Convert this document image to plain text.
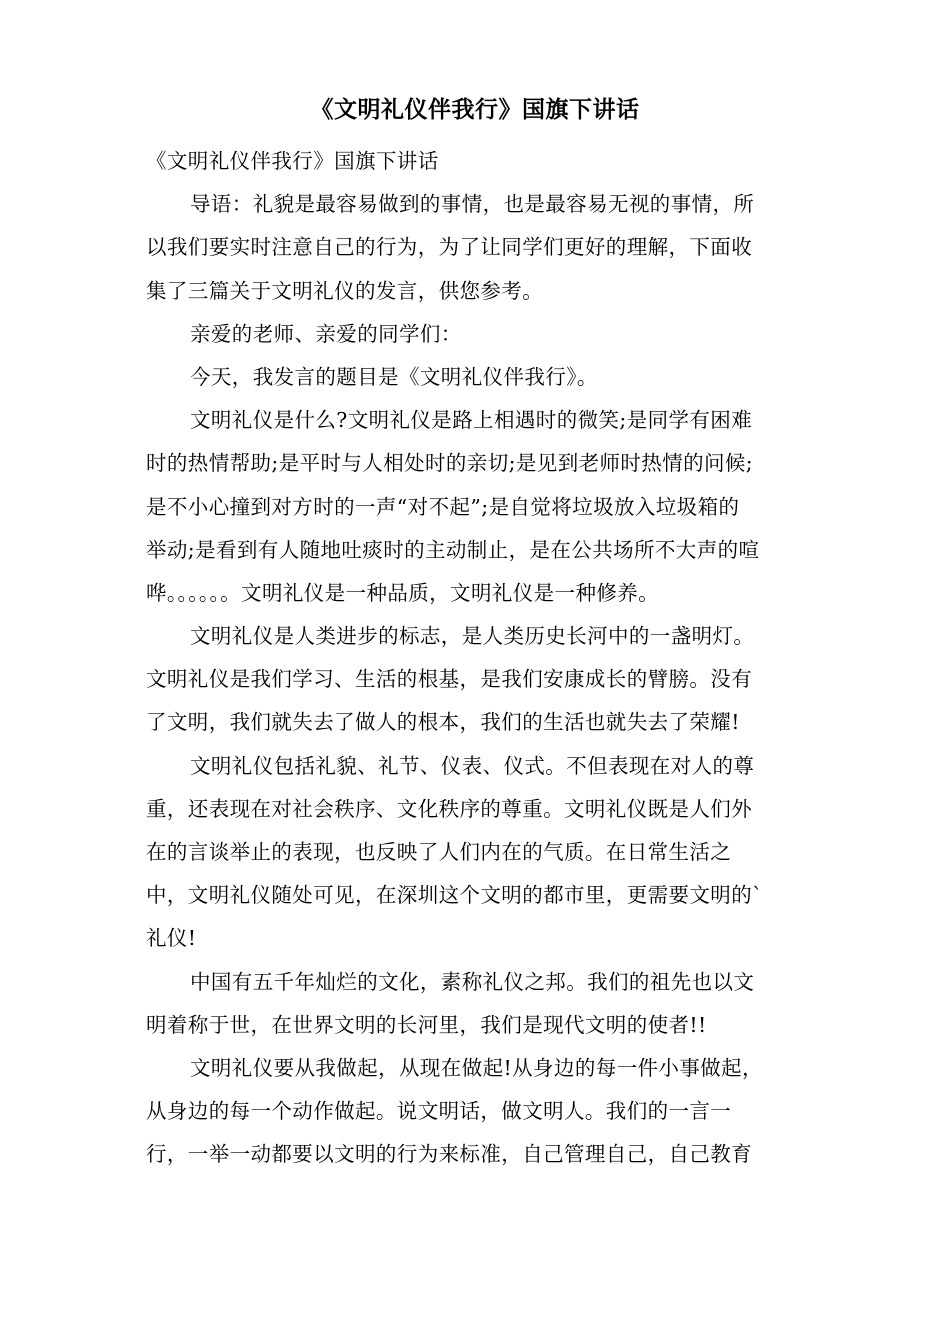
《文明礼仪伴我行》国旗下讲话
《文明礼仪伴我行》国旗下讲话
导语：礼貌是最容易做到的事情，也是最容易无视的事情，所
以我们要实时注意自己的行为，为了让同学们更好的理解，下面收
集了三篇关于文明礼仪的发言，供您参考。
亲爱的老师、亲爱的同学们：
今天，我发言的题目是《文明礼仪伴我行》。
文明礼仪是什么?文明礼仪是路上相遇时的微笑;是同学有困难
时的热情帮助;是平时与人相处时的亲切;是见到老师时热情的问候;
是不小心撞到对方时的一声“对不起”;是自觉将垃圾放入垃圾箱的
举动;是看到有人随地吐痰时的主动制止，是在公共场所不大声的喧
哗。。。。。。文明礼仪是一种品质，文明礼仪是一种修养。
文明礼仪是人类进步的标志，是人类历史长河中的一盏明灯。
文明礼仪是我们学习、生活的根基，是我们安康成长的臂膀。没有
了文明，我们就失去了做人的根本，我们的生活也就失去了荣耀!
文明礼仪包括礼貌、礼节、仪表、仪式。不但表现在对人的尊
重，还表现在对社会秩序、文化秩序的尊重。文明礼仪既是人们外
在的言谈举止的表现，也反映了人们内在的气质。在日常生活之
中，文明礼仪随处可见，在深圳这个文明的都市里，更需要文明的`
礼仪!
中国有五千年灿烂的文化，素称礼仪之邦。我们的祖先也以文
明着称于世，在世界文明的长河里，我们是现代文明的使者!!
文明礼仪要从我做起，从现在做起!从身边的每一件小事做起，
从身边的每一个动作做起。说文明话，做文明人。我们的一言一
行，一举一动都要以文明的行为来标准，自己管理自己，自己教育
